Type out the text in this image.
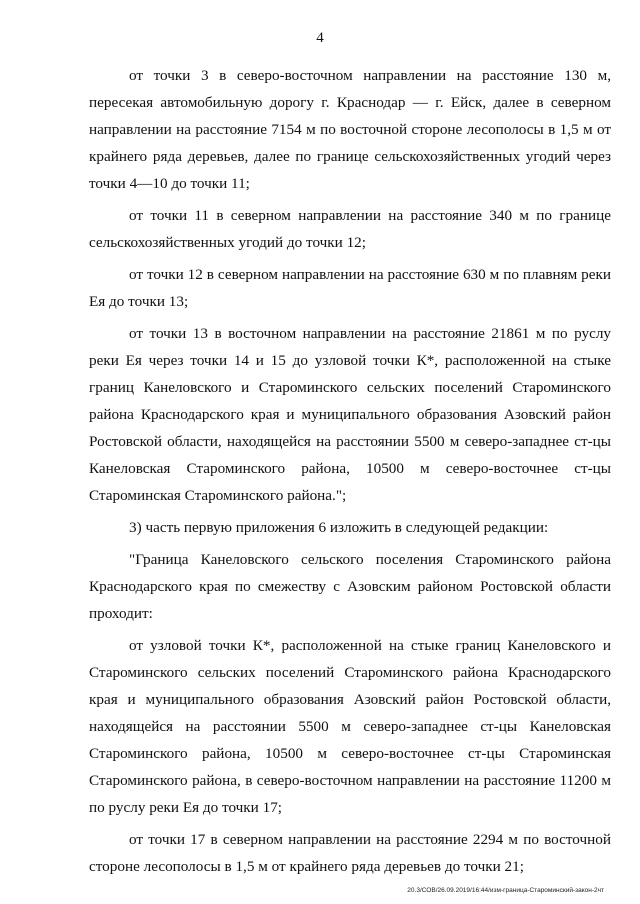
4

от точки 3 в северо-восточном направлении на расстояние 130 м, пересекая автомобильную дорогу г. Краснодар — г. Ейск, далее в северном направлении на расстояние 7154 м по восточной стороне лесополосы в 1,5 м от крайнего ряда деревьев, далее по границе сельскохозяйственных угодий через точки 4—10 до точки 11;

от точки 11 в северном направлении на расстояние 340 м по границе сельскохозяйственных угодий до точки 12;

от точки 12 в северном направлении на расстояние 630 м по плавням реки Ея до точки 13;

от точки 13 в восточном направлении на расстояние 21861 м по руслу реки Ея через точки 14 и 15 до узловой точки К*, расположенной на стыке границ Канеловского и Староминского сельских поселений Староминского района Краснодарского края и муниципального образования Азовский район Ростовской области, находящейся на расстоянии 5500 м северо-западнее ст-цы Канеловская Староминского района, 10500 м северо-восточнее ст-цы Староминская Староминского района.";

3) часть первую приложения 6 изложить в следующей редакции:

"Граница Канеловского сельского поселения Староминского района Краснодарского края по смежеству с Азовским районом Ростовской области проходит:

от узловой точки К*, расположенной на стыке границ Канеловского и Староминского сельских поселений Староминского района Краснодарского края и муниципального образования Азовский район Ростовской области, находящейся на расстоянии 5500 м северо-западнее ст-цы Канеловская Староминского района, 10500 м северо-восточнее ст-цы Староминская Староминского района, в северо-восточном направлении на расстояние 11200 м по руслу реки Ея до точки 17;

от точки 17 в северном направлении на расстояние 2294 м по восточной стороне лесополосы в 1,5 м от крайнего ряда деревьев до точки 21;

20.3/СОВ/26.09.2019/16:44/изм-граница-Староминский-закон-2чт
